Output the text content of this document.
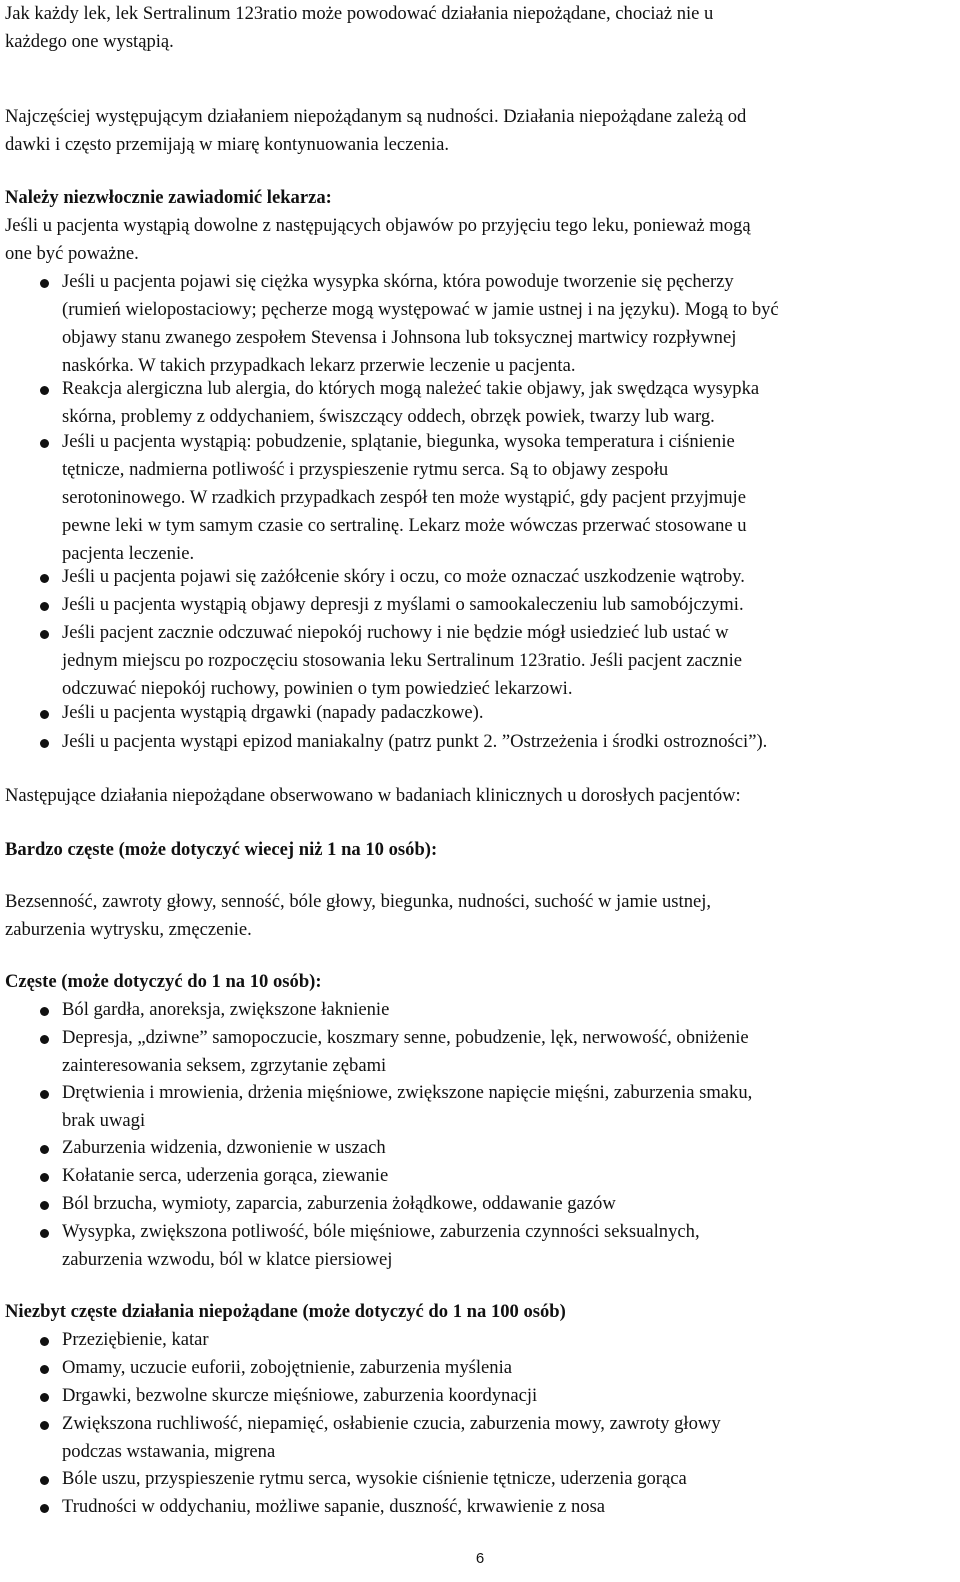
Jak każdy lek, lek Sertralinum 123ratio może powodować działania niepożądane, chociaż nie u
każdego one wystąpią.
Najczęściej występującym działaniem niepożądanym są nudności. Działania niepożądane zależą od
dawki i często przemijają w miarę kontynuowania leczenia.
Należy niezwłocznie zawiadomić lekarza:
Jeśli u pacjenta wystąpią dowolne z następujących objawów po przyjęciu tego leku, ponieważ mogą
one być poważne.
Jeśli u pacjenta pojawi się ciężka wysypka skórna, która powoduje tworzenie się pęcherzy
(rumień wielopostaciowy; pęcherze mogą występować w jamie ustnej i na języku). Mogą to być
objawy stanu zwanego zespołem Stevensa i Johnsona lub toksycznej martwicy rozpływnej
naskórka. W takich przypadkach lekarz przerwie leczenie u pacjenta.
Reakcja alergiczna lub alergia, do których mogą należeć takie objawy, jak swędząca wysypka
skórna, problemy z oddychaniem, świszczący oddech, obrzęk powiek, twarzy lub warg.
Jeśli u pacjenta wystąpią: pobudzenie, splątanie, biegunka, wysoka temperatura i ciśnienie
tętnicze, nadmierna potliwość i przyspieszenie rytmu serca. Są to objawy zespołu
serotoninowego. W rzadkich przypadkach zespół ten może wystąpić, gdy pacjent przyjmuje
pewne leki w tym samym czasie co sertralinę. Lekarz może wówczas przerwać stosowane u
pacjenta leczenie.
Jeśli u pacjenta pojawi się zażółcenie skóry i oczu, co może oznaczać uszkodzenie wątroby.
Jeśli u pacjenta wystąpią objawy depresji z myślami o samookaleczeniu lub samobójczymi.
Jeśli pacjent zacznie odczuwać niepokój ruchowy i nie będzie mógł usiedzieć lub ustać w
jednym miejscu po rozpoczęciu stosowania leku Sertralinum 123ratio. Jeśli pacjent zacznie
odczuwać niepokój ruchowy, powinien o tym powiedzieć lekarzowi.
Jeśli u pacjenta wystąpią drgawki (napady padaczkowe).
Jeśli u pacjenta wystąpi epizod maniakalny (patrz punkt 2. ”Ostrzeżenia i środki ostrozności”).
Następujące działania niepożądane obserwowano w badaniach klinicznych u dorosłych pacjentów:
Bardzo częste (może dotyczyć wiecej niż 1 na 10 osób):
Bezsenność, zawroty głowy, senność, bóle głowy, biegunka, nudności, suchość w jamie ustnej,
zaburzenia wytrysku, zmęczenie.
Częste (może dotyczyć do 1 na 10 osób):
Ból gardła, anoreksja, zwiększone łaknienie
Depresja, „dziwne” samopoczucie, koszmary senne, pobudzenie, lęk, nerwowość, obniżenie
zainteresowania seksem, zgrzytanie zębami
Drętwienia i mrowienia, drżenia mięśniowe, zwiększone napięcie mięśni, zaburzenia smaku,
brak uwagi
Zaburzenia widzenia, dzwonienie w uszach
Kołatanie serca, uderzenia gorąca, ziewanie
Ból brzucha, wymioty, zaparcia, zaburzenia żołądkowe, oddawanie gazów
Wysypka, zwiększona potliwość, bóle mięśniowe, zaburzenia czynności seksualnych,
zaburzenia wzwodu, ból w klatce piersiowej
Niezbyt częste działania niepożądane (może dotyczyć do 1 na 100 osób)
Przeziębienie, katar
Omamy, uczucie euforii, zobojętnienie, zaburzenia myślenia
Drgawki, bezwolne skurcze mięśniowe, zaburzenia koordynacji
Zwiększona ruchliwość, niepamięć, osłabienie czucia, zaburzenia mowy, zawroty głowy
podczas wstawania, migrena
Bóle uszu, przyspieszenie rytmu serca, wysokie ciśnienie tętnicze, uderzenia gorąca
Trudności w oddychaniu, możliwe sapanie, duszność, krwawienie z nosa
6
